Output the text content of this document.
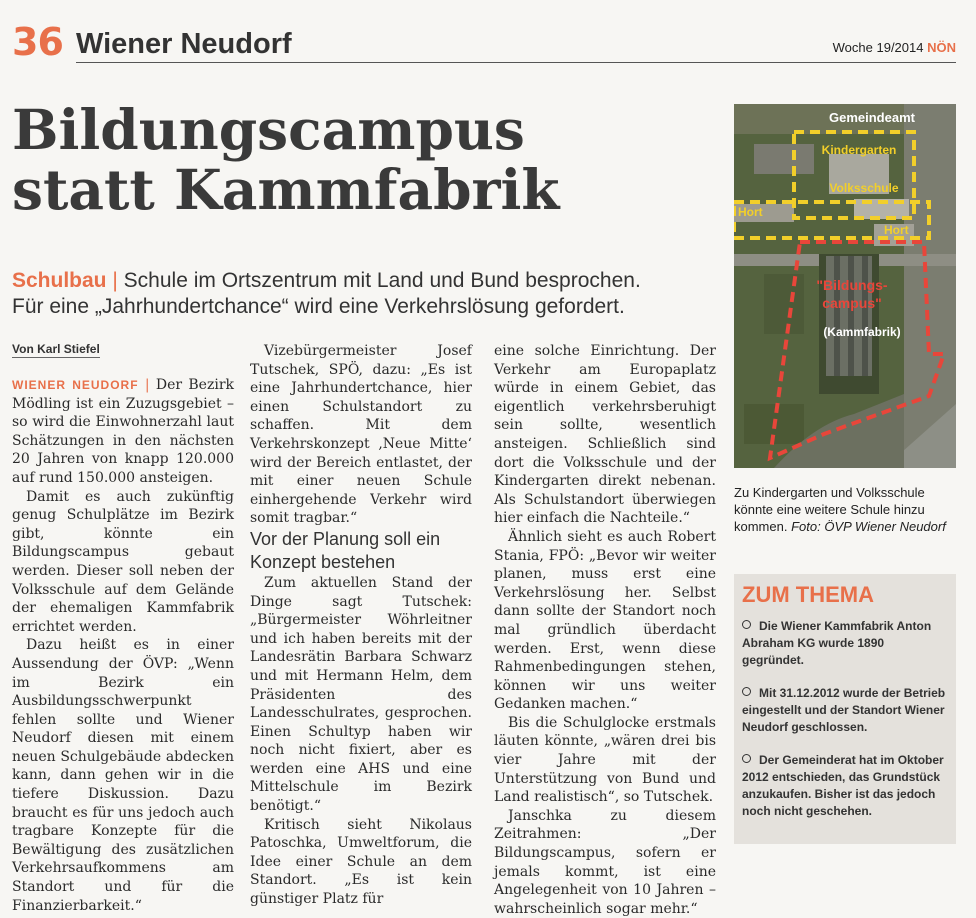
36 Wiener Neudorf	Woche 19/2014 NÖN
Bildungscampus
statt Kammfabrik
Schulbau | Schule im Ortszentrum mit Land und Bund besprochen.
Für eine „Jahrhundertchance“ wird eine Verkehrslösung gefordert.
Von Karl Stiefel

WIENER NEUDORF | Der Bezirk Mödling ist ein Zuzugsgebiet – so wird die Einwohnerzahl laut Schätzungen in den nächsten 20 Jahren von knapp 120.000 auf rund 150.000 ansteigen.

Damit es auch zukünftig genug Schulplätze im Bezirk gibt, könnte ein Bildungscampus gebaut werden. Dieser soll neben der Volksschule auf dem Gelände der ehemaligen Kammfabrik errichtet werden.

Dazu heißt es in einer Aussendung der ÖVP: „Wenn im Bezirk ein Ausbildungsschwerpunkt fehlen sollte und Wiener Neudorf diesen mit einem neuen Schulgebäude abdecken kann, dann gehen wir in die tiefere Diskussion. Dazu braucht es für uns jedoch auch tragbare Konzepte für die Bewältigung des zusätzlichen Verkehrsaufkommens am Standort und für die Finanzierbarkeit.“

Vizebürgermeister Josef Tutschek, SPÖ, dazu: „Es ist eine Jahrhundertchance, hier einen Schulstandort zu schaffen. Mit dem Verkehrskonzept ‚Neue Mitte‘ wird der Bereich entlastet, der mit einer neuen Schule einhergehende Verkehr wird somit tragbar.“

Vor der Planung soll ein Konzept bestehen

Zum aktuellen Stand der Dinge sagt Tutschek: „Bürgermeister Wöhrleitner und ich haben bereits mit der Landesrätin Barbara Schwarz und mit Hermann Helm, dem Präsidenten des Landesschulrates, gesprochen. Einen Schultyp haben wir noch nicht fixiert, aber es werden eine AHS und eine Mittelschule im Bezirk benötigt.“

Kritisch sieht Nikolaus Patoschka, Umweltforum, die Idee einer Schule an dem Standort. „Es ist kein günstiger Platz für

eine solche Einrichtung. Der Verkehr am Europaplatz würde in einem Gebiet, das eigentlich verkehrsberuhigt sein sollte, wesentlich ansteigen. Schließlich sind dort die Volksschule und der Kindergarten direkt nebenan. Als Schulstandort überwiegen hier einfach die Nachteile.“

Ähnlich sieht es auch Robert Stania, FPÖ: „Bevor wir weiter planen, muss erst eine Verkehrslösung her. Selbst dann sollte der Standort noch mal gründlich überdacht werden. Erst, wenn diese Rahmenbedingungen stehen, können wir uns weiter Gedanken machen.“

Bis die Schulglocke erstmals läuten könnte, „wären drei bis vier Jahre mit der Unterstützung von Bund und Land realistisch“, so Tutschek.

Janschka zu diesem Zeitrahmen: „Der Bildungscampus, sofern er jemals kommt, ist eine Angelegenheit von 10 Jahren – wahrscheinlich sogar mehr.“

Gemeindeamt
Kindergarten
Volksschule
Hort
Hort
"Bildungs-
campus"
(Kammfabrik)
Zu Kindergarten und Volksschule könnte eine weitere Schule hinzu kommen. Foto: ÖVP Wiener Neudorf
ZUM THEMA
Die Wiener Kammfabrik Anton Abraham KG wurde 1890 gegründet.
Mit 31.12.2012 wurde der Betrieb eingestellt und der Standort Wiener Neudorf geschlossen.
Der Gemeinderat hat im Oktober 2012 entschieden, das Grundstück anzukaufen. Bisher ist das jedoch noch nicht geschehen.
